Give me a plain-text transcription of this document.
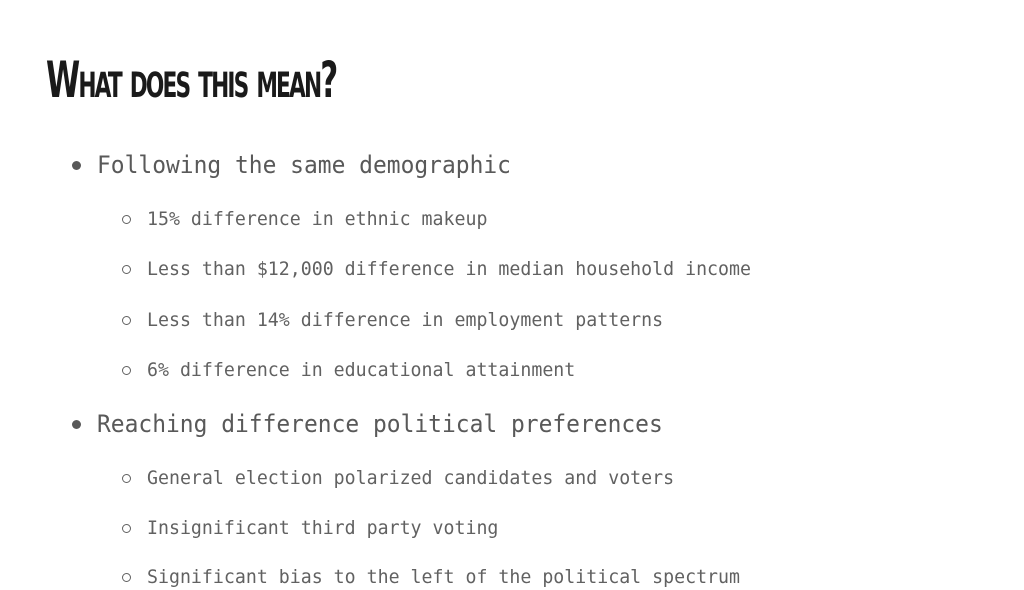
What does this mean?
Following the same demographic
15% difference in ethnic makeup
Less than $12,000 difference in median household income
Less than 14% difference in employment patterns
6% difference in educational attainment
Reaching difference political preferences
General election polarized candidates and voters
Insignificant third party voting
Significant bias to the left of the political spectrum
